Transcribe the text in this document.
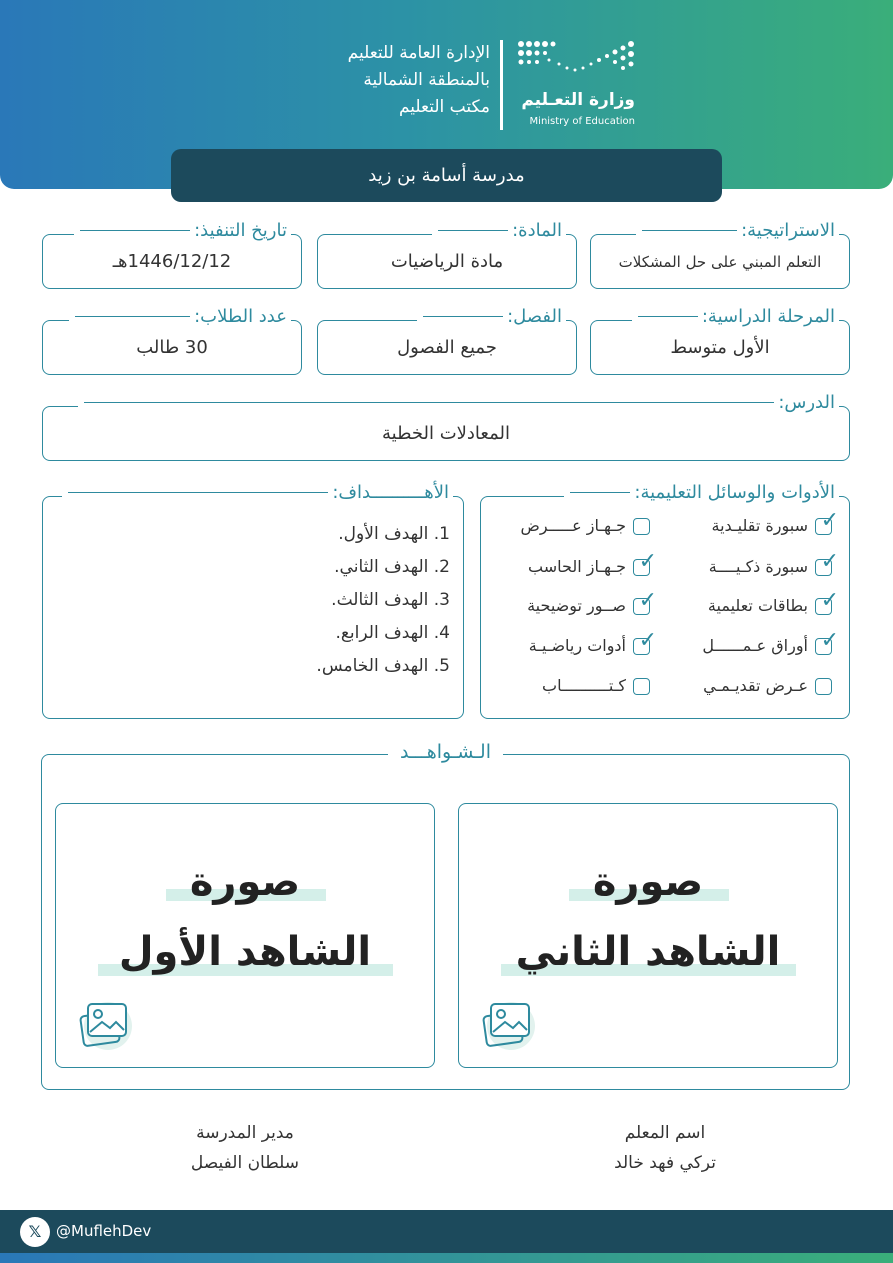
الإدارة العامة للتعليم
بالمنطقة الشمالية
مكتب التعليم	وزارة التعـليم
Ministry of Education
مدرسة أسامة بن زيد
الاستراتيجية:
التعلم المبني على حل المشكلات
المادة:
مادة الرياضيات
تاريخ التنفيذ:
1446/12/12هـ
المرحلة الدراسية:
الأول متوسط
الفصل:
جميع الفصول
عدد الطلاب:
30 طالب
الدرس:
المعادلات الخطية
الأدوات والوسائل التعليمية:
✓
سبورة تقليـدية
جـهـاز عـــــرض
✓
سبورة ذكـيــــة
✓
جـهـاز الحاسب
✓
بطاقات تعليمية
✓
صــور توضيحية
✓
أوراق عـمــــــل
✓
أدوات رياضـيـة
عـرض تقديـمـي
كـتــــــــــاب
الأهــــــــــداف:
1. الهدف الأول.
2. الهدف الثاني.
3. الهدف الثالث.
4. الهدف الرابع.
5. الهدف الخامس.
الـشـواهـــد
صورة
الشاهد الثاني
صورة
الشاهد الأول
اسم المعلم
تركي فهد خالد
مدير المدرسة
سلطان الفيصل
𝕏 @MuflehDev
